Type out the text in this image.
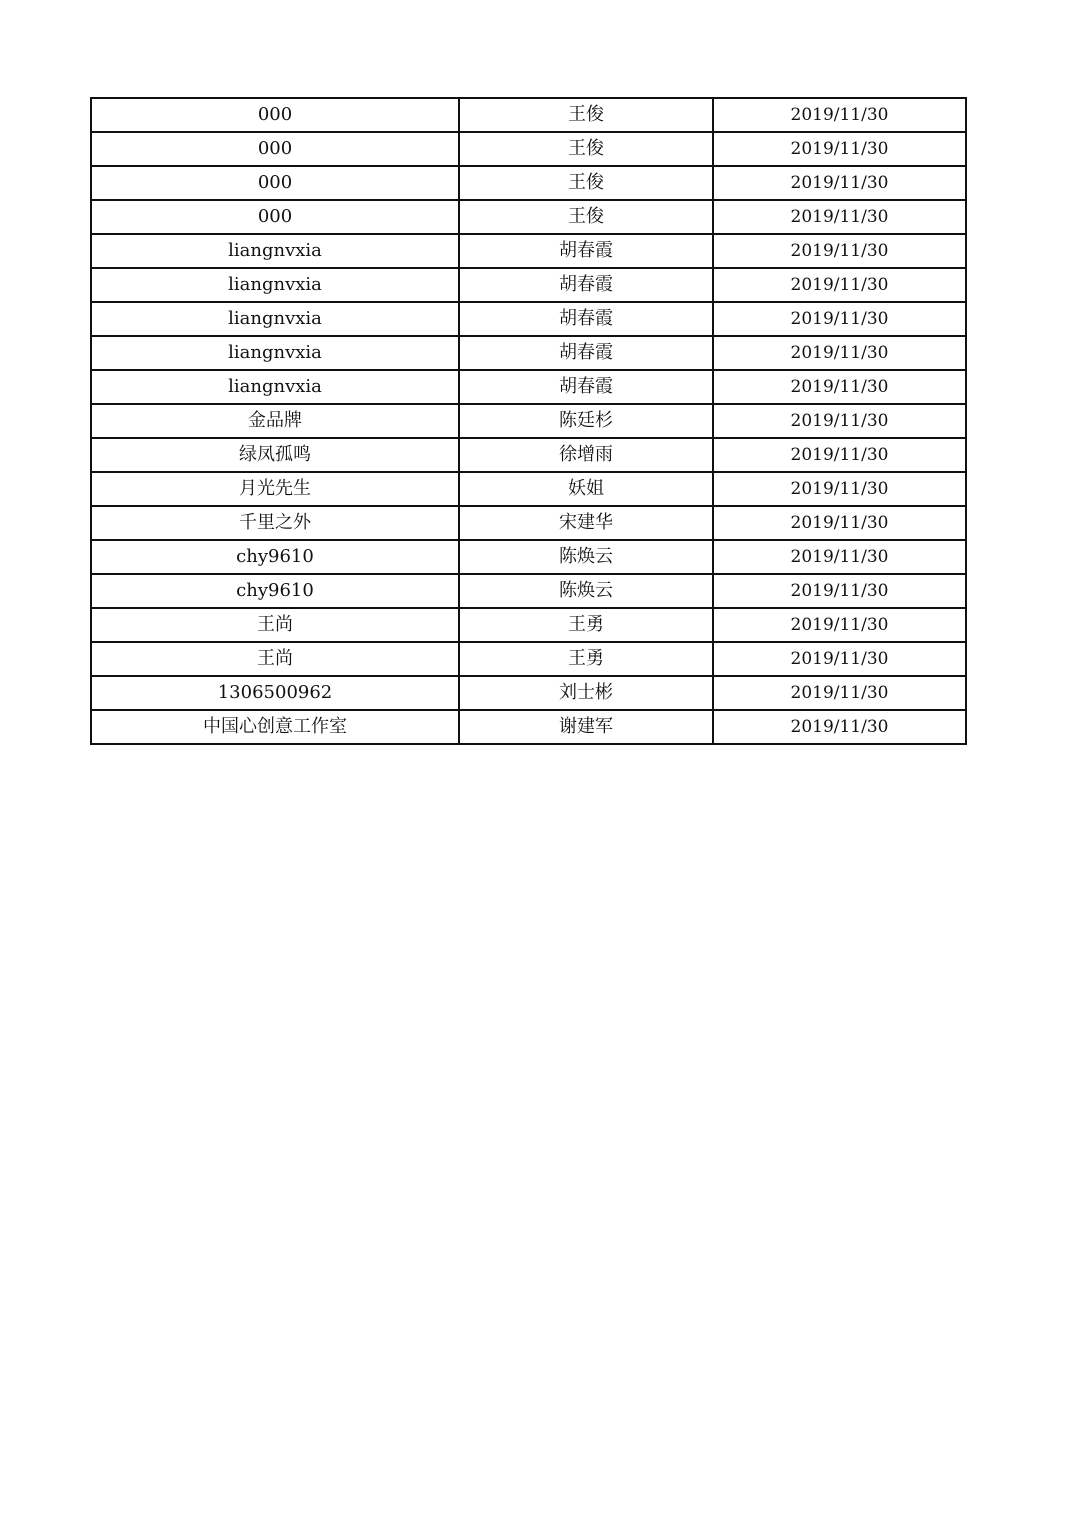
000	王俊	2019/11/30
000	王俊	2019/11/30
000	王俊	2019/11/30
000	王俊	2019/11/30
liangnvxia	胡春霞	2019/11/30
liangnvxia	胡春霞	2019/11/30
liangnvxia	胡春霞	2019/11/30
liangnvxia	胡春霞	2019/11/30
liangnvxia	胡春霞	2019/11/30
金品牌	陈廷杉	2019/11/30
绿凤孤鸣	徐增雨	2019/11/30
月光先生	妖姐	2019/11/30
千里之外	宋建华	2019/11/30
chy9610	陈焕云	2019/11/30
chy9610	陈焕云	2019/11/30
王尚	王勇	2019/11/30
王尚	王勇	2019/11/30
1306500962	刘士彬	2019/11/30
中国心创意工作室	谢建军	2019/11/30
